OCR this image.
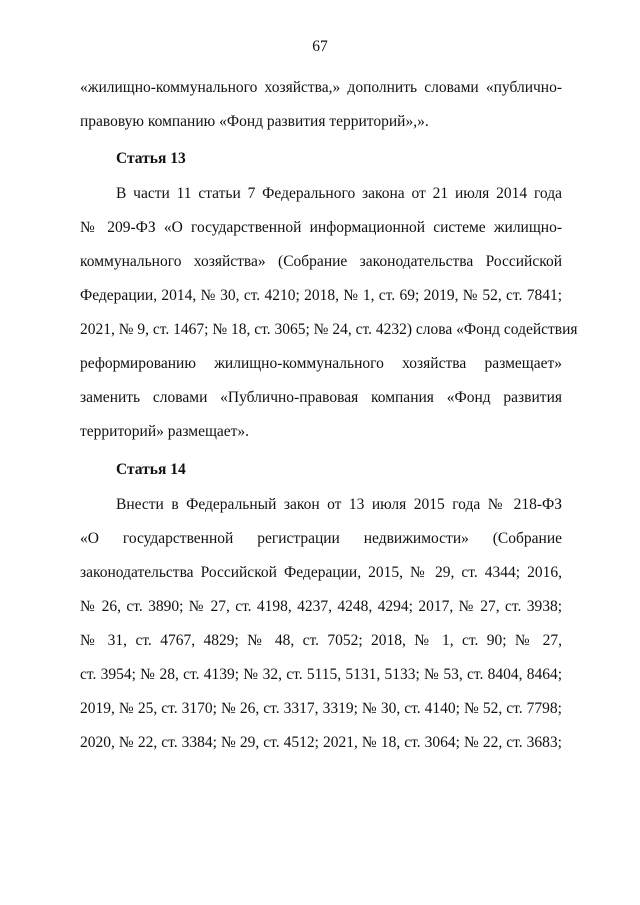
67
«жилищно-коммунального хозяйства,» дополнить словами «публично-
правовую компанию «Фонд развития территорий»,».
Статья 13
В части 11 статьи 7 Федерального закона от 21 июля 2014 года
№ 209-ФЗ «О государственной информационной системе жилищно-
коммунального хозяйства» (Собрание законодательства Российской
Федерации, 2014, № 30, ст. 4210; 2018, № 1, ст. 69; 2019, № 52, ст. 7841;
2021, № 9, ст. 1467; № 18, ст. 3065; № 24, ст. 4232) слова «Фонд содействия
реформированию жилищно-коммунального хозяйства размещает»
заменить словами «Публично-правовая компания «Фонд развития
территорий» размещает».
Статья 14
Внести в Федеральный закон от 13 июля 2015 года № 218-ФЗ
«О государственной регистрации недвижимости» (Собрание
законодательства Российской Федерации, 2015, № 29, ст. 4344; 2016,
№ 26, ст. 3890; № 27, ст. 4198, 4237, 4248, 4294; 2017, № 27, ст. 3938;
№ 31, ст. 4767, 4829; № 48, ст. 7052; 2018, № 1, ст. 90; № 27,
ст. 3954; № 28, ст. 4139; № 32, ст. 5115, 5131, 5133; № 53, ст. 8404, 8464;
2019, № 25, ст. 3170; № 26, ст. 3317, 3319; № 30, ст. 4140; № 52, ст. 7798;
2020, № 22, ст. 3384; № 29, ст. 4512; 2021, № 18, ст. 3064; № 22, ст. 3683;
